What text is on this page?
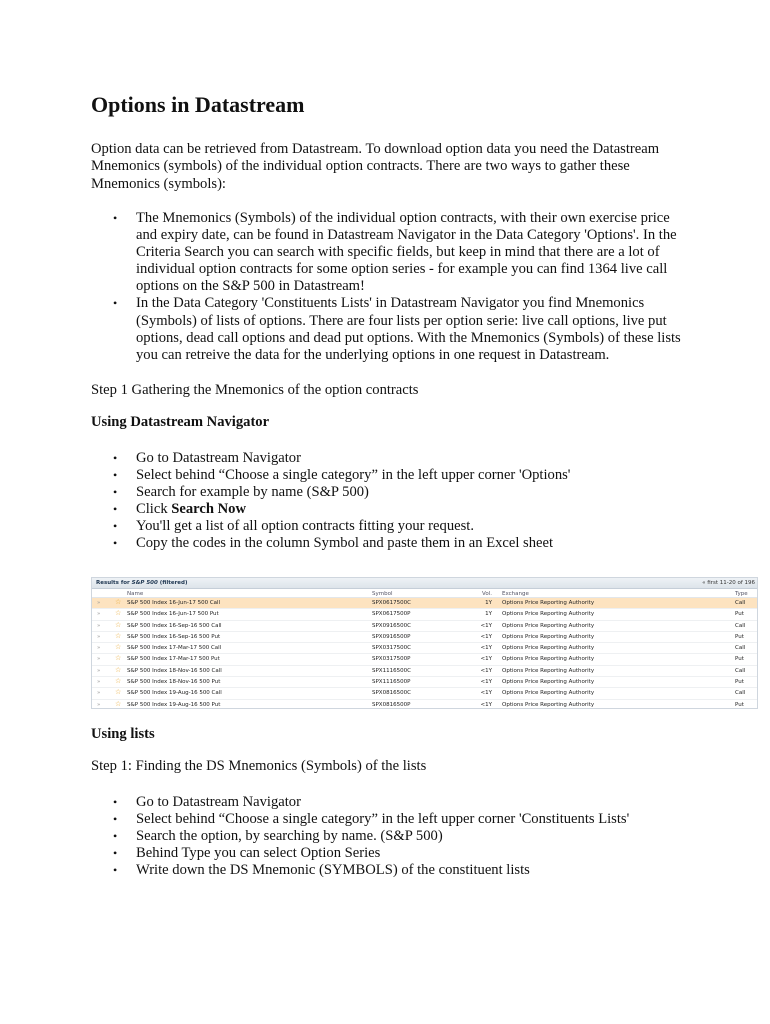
Options in Datastream

Option data can be retrieved from Datastream. To download option data you need the Datastream Mnemonics (symbols) of the individual option contracts. There are two ways to gather these Mnemonics (symbols):

• The Mnemonics (Symbols) of the individual option contracts, with their own exercise price and expiry date, can be found in Datastream Navigator in the Data Category 'Options'. In the Criteria Search you can search with specific fields, but keep in mind that there are a lot of individual option contracts for some option series - for example you can find 1364 live call options on the S&P 500 in Datastream!
• In the Data Category 'Constituents Lists' in Datastream Navigator you find Mnemonics (Symbols) of lists of options. There are four lists per option serie: live call options, live put options, dead call options and dead put options. With the Mnemonics (Symbols) of these lists you can retreive the data for the underlying options in one request in Datastream.

Step 1 Gathering the Mnemonics of the option contracts

Using Datastream Navigator

• Go to Datastream Navigator
• Select behind “Choose a single category” in the left upper corner 'Options'
• Search for example by name (S&P 500)
• Click Search Now
• You'll get a list of all option contracts fitting your request.
• Copy the codes in the column Symbol and paste them in an Excel sheet

Using lists

Step 1: Finding the DS Mnemonics (Symbols) of the lists

• Go to Datastream Navigator
• Select behind “Choose a single category” in the left upper corner 'Constituents Lists'
• Search the option, by searching by name. (S&P 500)
• Behind Type you can select Option Series
• Write down the DS Mnemonic (SYMBOLS) of the constituent lists
Results for S&P 500 (filtered)	« first 11-20 of 196
Name	Symbol	Vol. Exchange	Type
» ☆ S&P 500 Index 16-Jun-17 500 Call	SPX0617500C	1Y Options Price Reporting Authority	Call
» ☆ S&P 500 Index 16-Jun-17 500 Put	SPX0617500P	1Y Options Price Reporting Authority	Put
» ☆ S&P 500 Index 16-Sep-16 500 Call	SPX0916500C	<1Y Options Price Reporting Authority	Call
» ☆ S&P 500 Index 16-Sep-16 500 Put	SPX0916500P	<1Y Options Price Reporting Authority	Put
» ☆ S&P 500 Index 17-Mar-17 500 Call	SPX0317500C	<1Y Options Price Reporting Authority	Call
» ☆ S&P 500 Index 17-Mar-17 500 Put	SPX0317500P	<1Y Options Price Reporting Authority	Put
» ☆ S&P 500 Index 18-Nov-16 500 Call	SPX1116500C	<1Y Options Price Reporting Authority	Call
» ☆ S&P 500 Index 18-Nov-16 500 Put	SPX1116500P	<1Y Options Price Reporting Authority	Put
» ☆ S&P 500 Index 19-Aug-16 500 Call	SPX0816500C	<1Y Options Price Reporting Authority	Call
» ☆ S&P 500 Index 19-Aug-16 500 Put	SPX0816500P	<1Y Options Price Reporting Authority	Put
